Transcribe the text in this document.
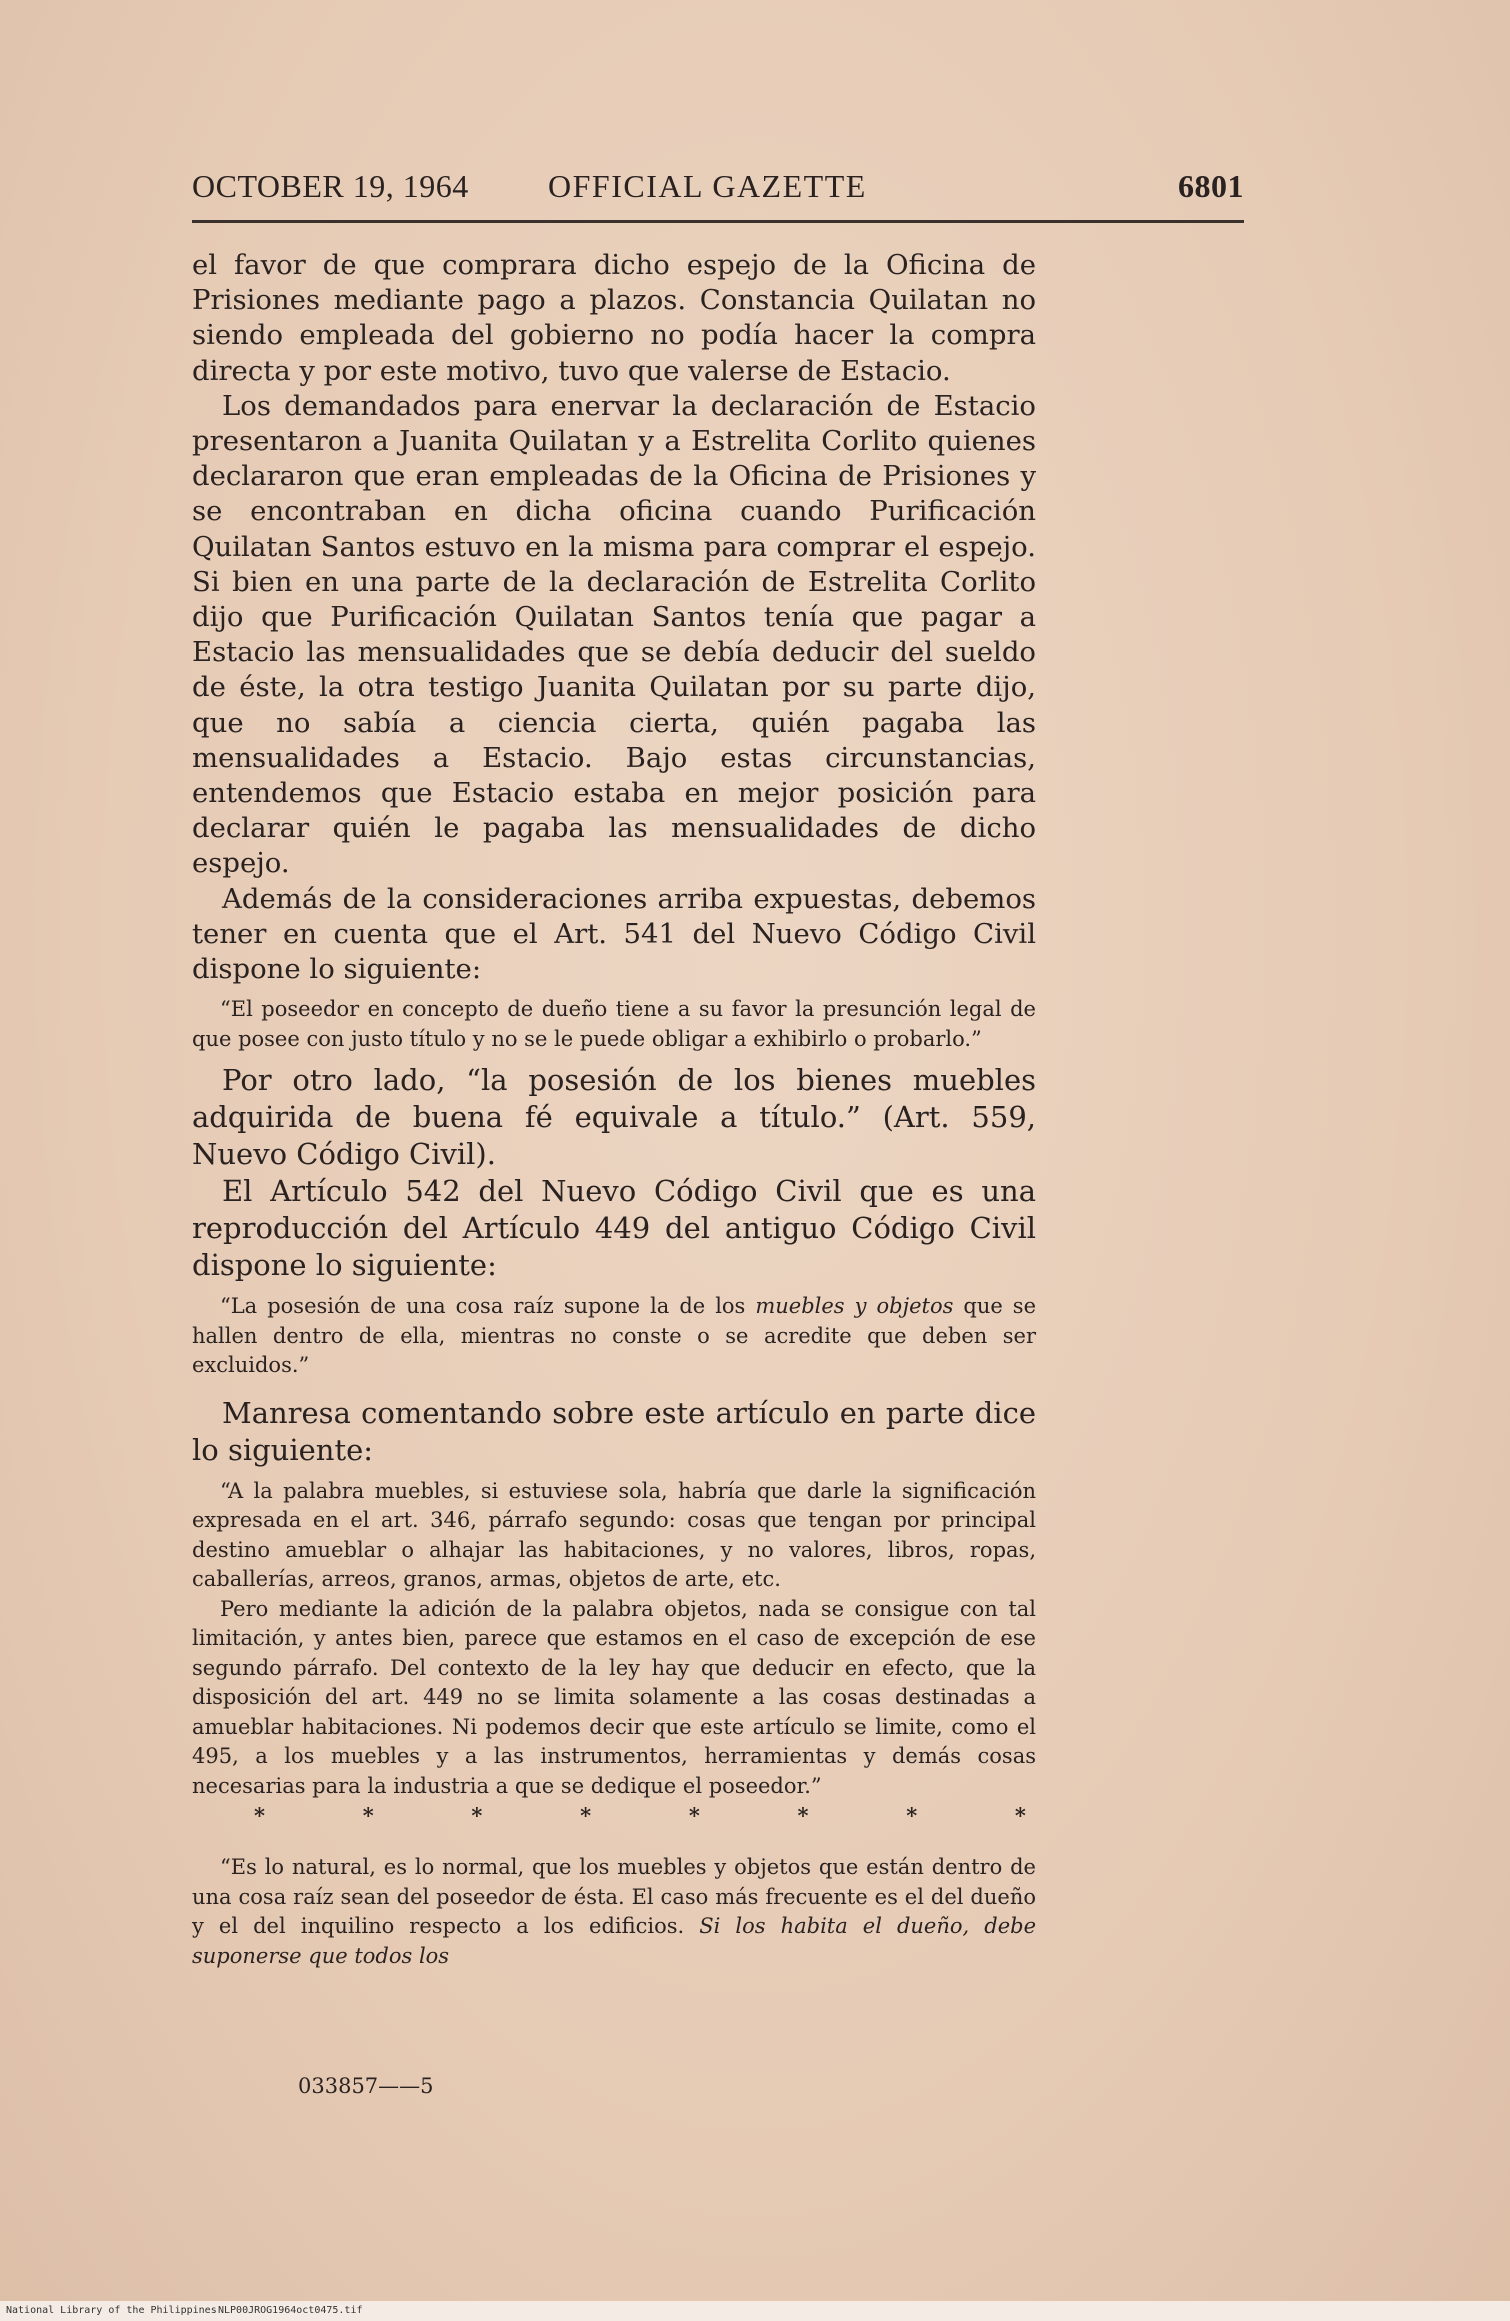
OCTOBER 19, 1964 OFFICIAL GAZETTE	6801

el favor de que comprara dicho espejo de la Oficina de Prisiones mediante pago a plazos. Constancia Quilatan no siendo empleada del gobierno no podía hacer la compra directa y por este motivo, tuvo que valerse de Estacio.

Los demandados para enervar la declaración de Estacio presentaron a Juanita Quilatan y a Estrelita Corlito quienes declararon que eran empleadas de la Oficina de Prisiones y se encontraban en dicha oficina cuando Purificación Quilatan Santos estuvo en la misma para comprar el espejo. Si bien en una parte de la declaración de Estrelita Corlito dijo que Purificación Quilatan Santos tenía que pagar a Estacio las mensualidades que se debía deducir del sueldo de éste, la otra testigo Juanita Quilatan por su parte dijo, que no sabía a ciencia cierta, quién pagaba las mensualidades a Estacio. Bajo estas circunstancias, entendemos que Estacio estaba en mejor posición para declarar quién le pagaba las mensualidades de dicho espejo.

Además de la consideraciones arriba expuestas, debemos tener en cuenta que el Art. 541 del Nuevo Código Civil dispone lo siguiente:

“El poseedor en concepto de dueño tiene a su favor la presunción legal de que posee con justo título y no se le puede obligar a exhibirlo o probarlo.”

Por otro lado, “la posesión de los bienes muebles adquirida de buena fé equivale a título.” (Art. 559, Nuevo Código Civil).

El Artículo 542 del Nuevo Código Civil que es una reproducción del Artículo 449 del antiguo Código Civil dispone lo siguiente:

“La posesión de una cosa raíz supone la de los muebles y objetos que se hallen dentro de ella, mientras no conste o se acredite que deben ser excluidos.”

Manresa comentando sobre este artículo en parte dice lo siguiente:

“A la palabra muebles, si estuviese sola, habría que darle la significación expresada en el art. 346, párrafo segundo: cosas que tengan por principal destino amueblar o alhajar las habitaciones, y no valores, libros, ropas, caballerías, arreos, granos, armas, objetos de arte, etc.

Pero mediante la adición de la palabra objetos, nada se consigue con tal limitación, y antes bien, parece que estamos en el caso de excepción de ese segundo párrafo. Del contexto de la ley hay que deducir en efecto, que la disposición del art. 449 no se limita solamente a las cosas destinadas a amueblar habitaciones. Ni podemos decir que este artículo se limite, como el 495, a los muebles y a las instrumentos, herramientas y demás cosas necesarias para la industria a que se dedique el poseedor.”

*	*	*	*	*	*	*	*

“Es lo natural, es lo normal, que los muebles y objetos que están dentro de una cosa raíz sean del poseedor de ésta. El caso más frecuente es el del dueño y el del inquilino respecto a los edificios. Si los habita el dueño, debe suponerse que todos los

033857——5
National Library of the Philippines NLP00JROG1964oct0475.tif
